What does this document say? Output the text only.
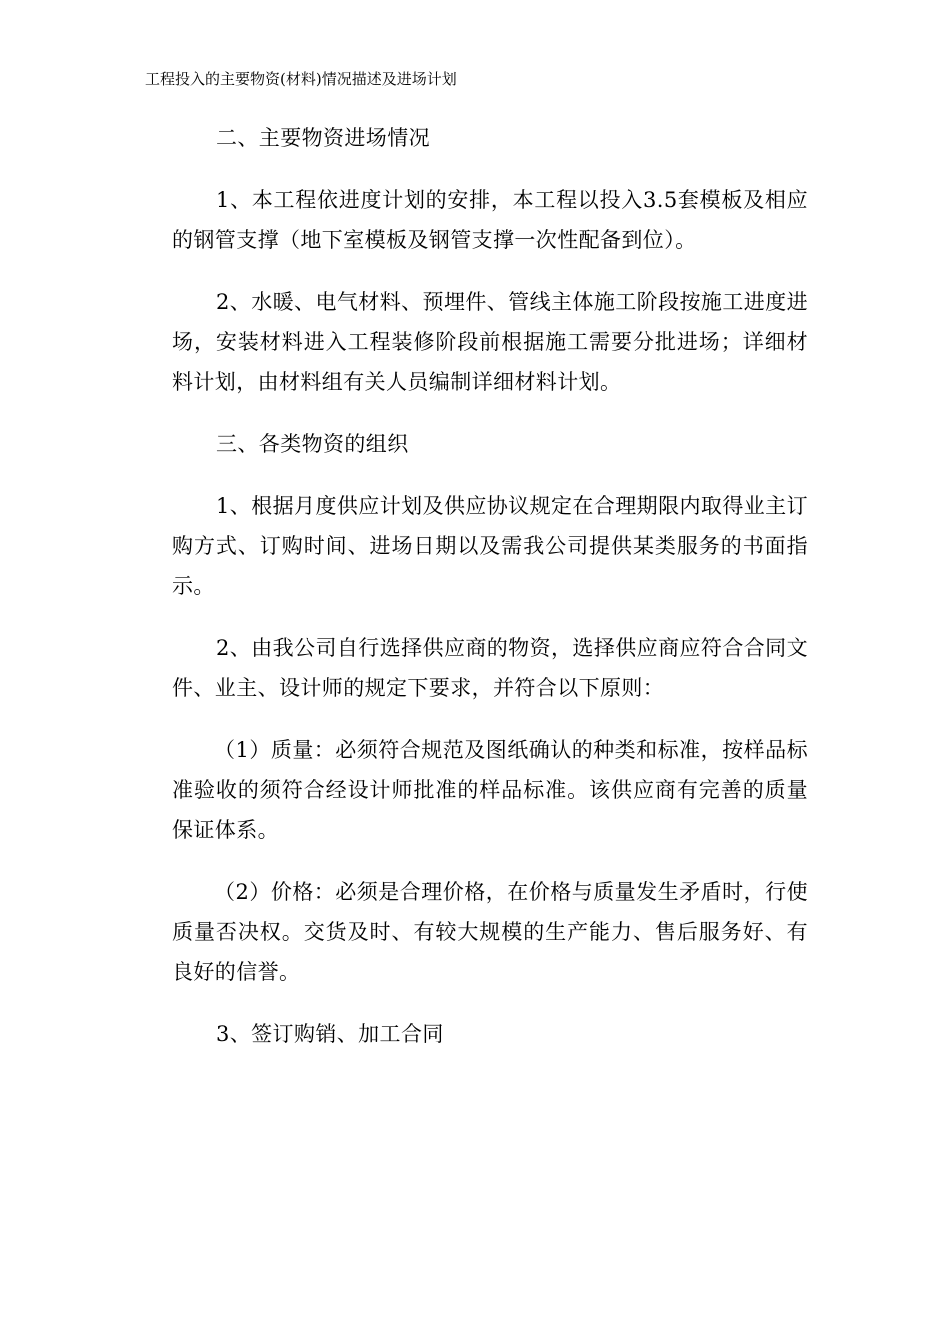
工程投入的主要物资(材料)情况描述及进场计划

二、主要物资进场情况

1、本工程依进度计划的安排，本工程以投入3.5套模板及相应的钢管支撑（地下室模板及钢管支撑一次性配备到位）。

2、水暖、电气材料、预埋件、管线主体施工阶段按施工进度进场，安装材料进入工程装修阶段前根据施工需要分批进场；详细材料计划，由材料组有关人员编制详细材料计划。

三、各类物资的组织

1、根据月度供应计划及供应协议规定在合理期限内取得业主订购方式、订购时间、进场日期以及需我公司提供某类服务的书面指示。

2、由我公司自行选择供应商的物资，选择供应商应符合合同文件、业主、设计师的规定下要求，并符合以下原则：

（1）质量：必须符合规范及图纸确认的种类和标准，按样品标准验收的须符合经设计师批准的样品标准。该供应商有完善的质量保证体系。

（2）价格：必须是合理价格，在价格与质量发生矛盾时，行使质量否决权。交货及时、有较大规模的生产能力、售后服务好、有良好的信誉。

3、签订购销、加工合同
